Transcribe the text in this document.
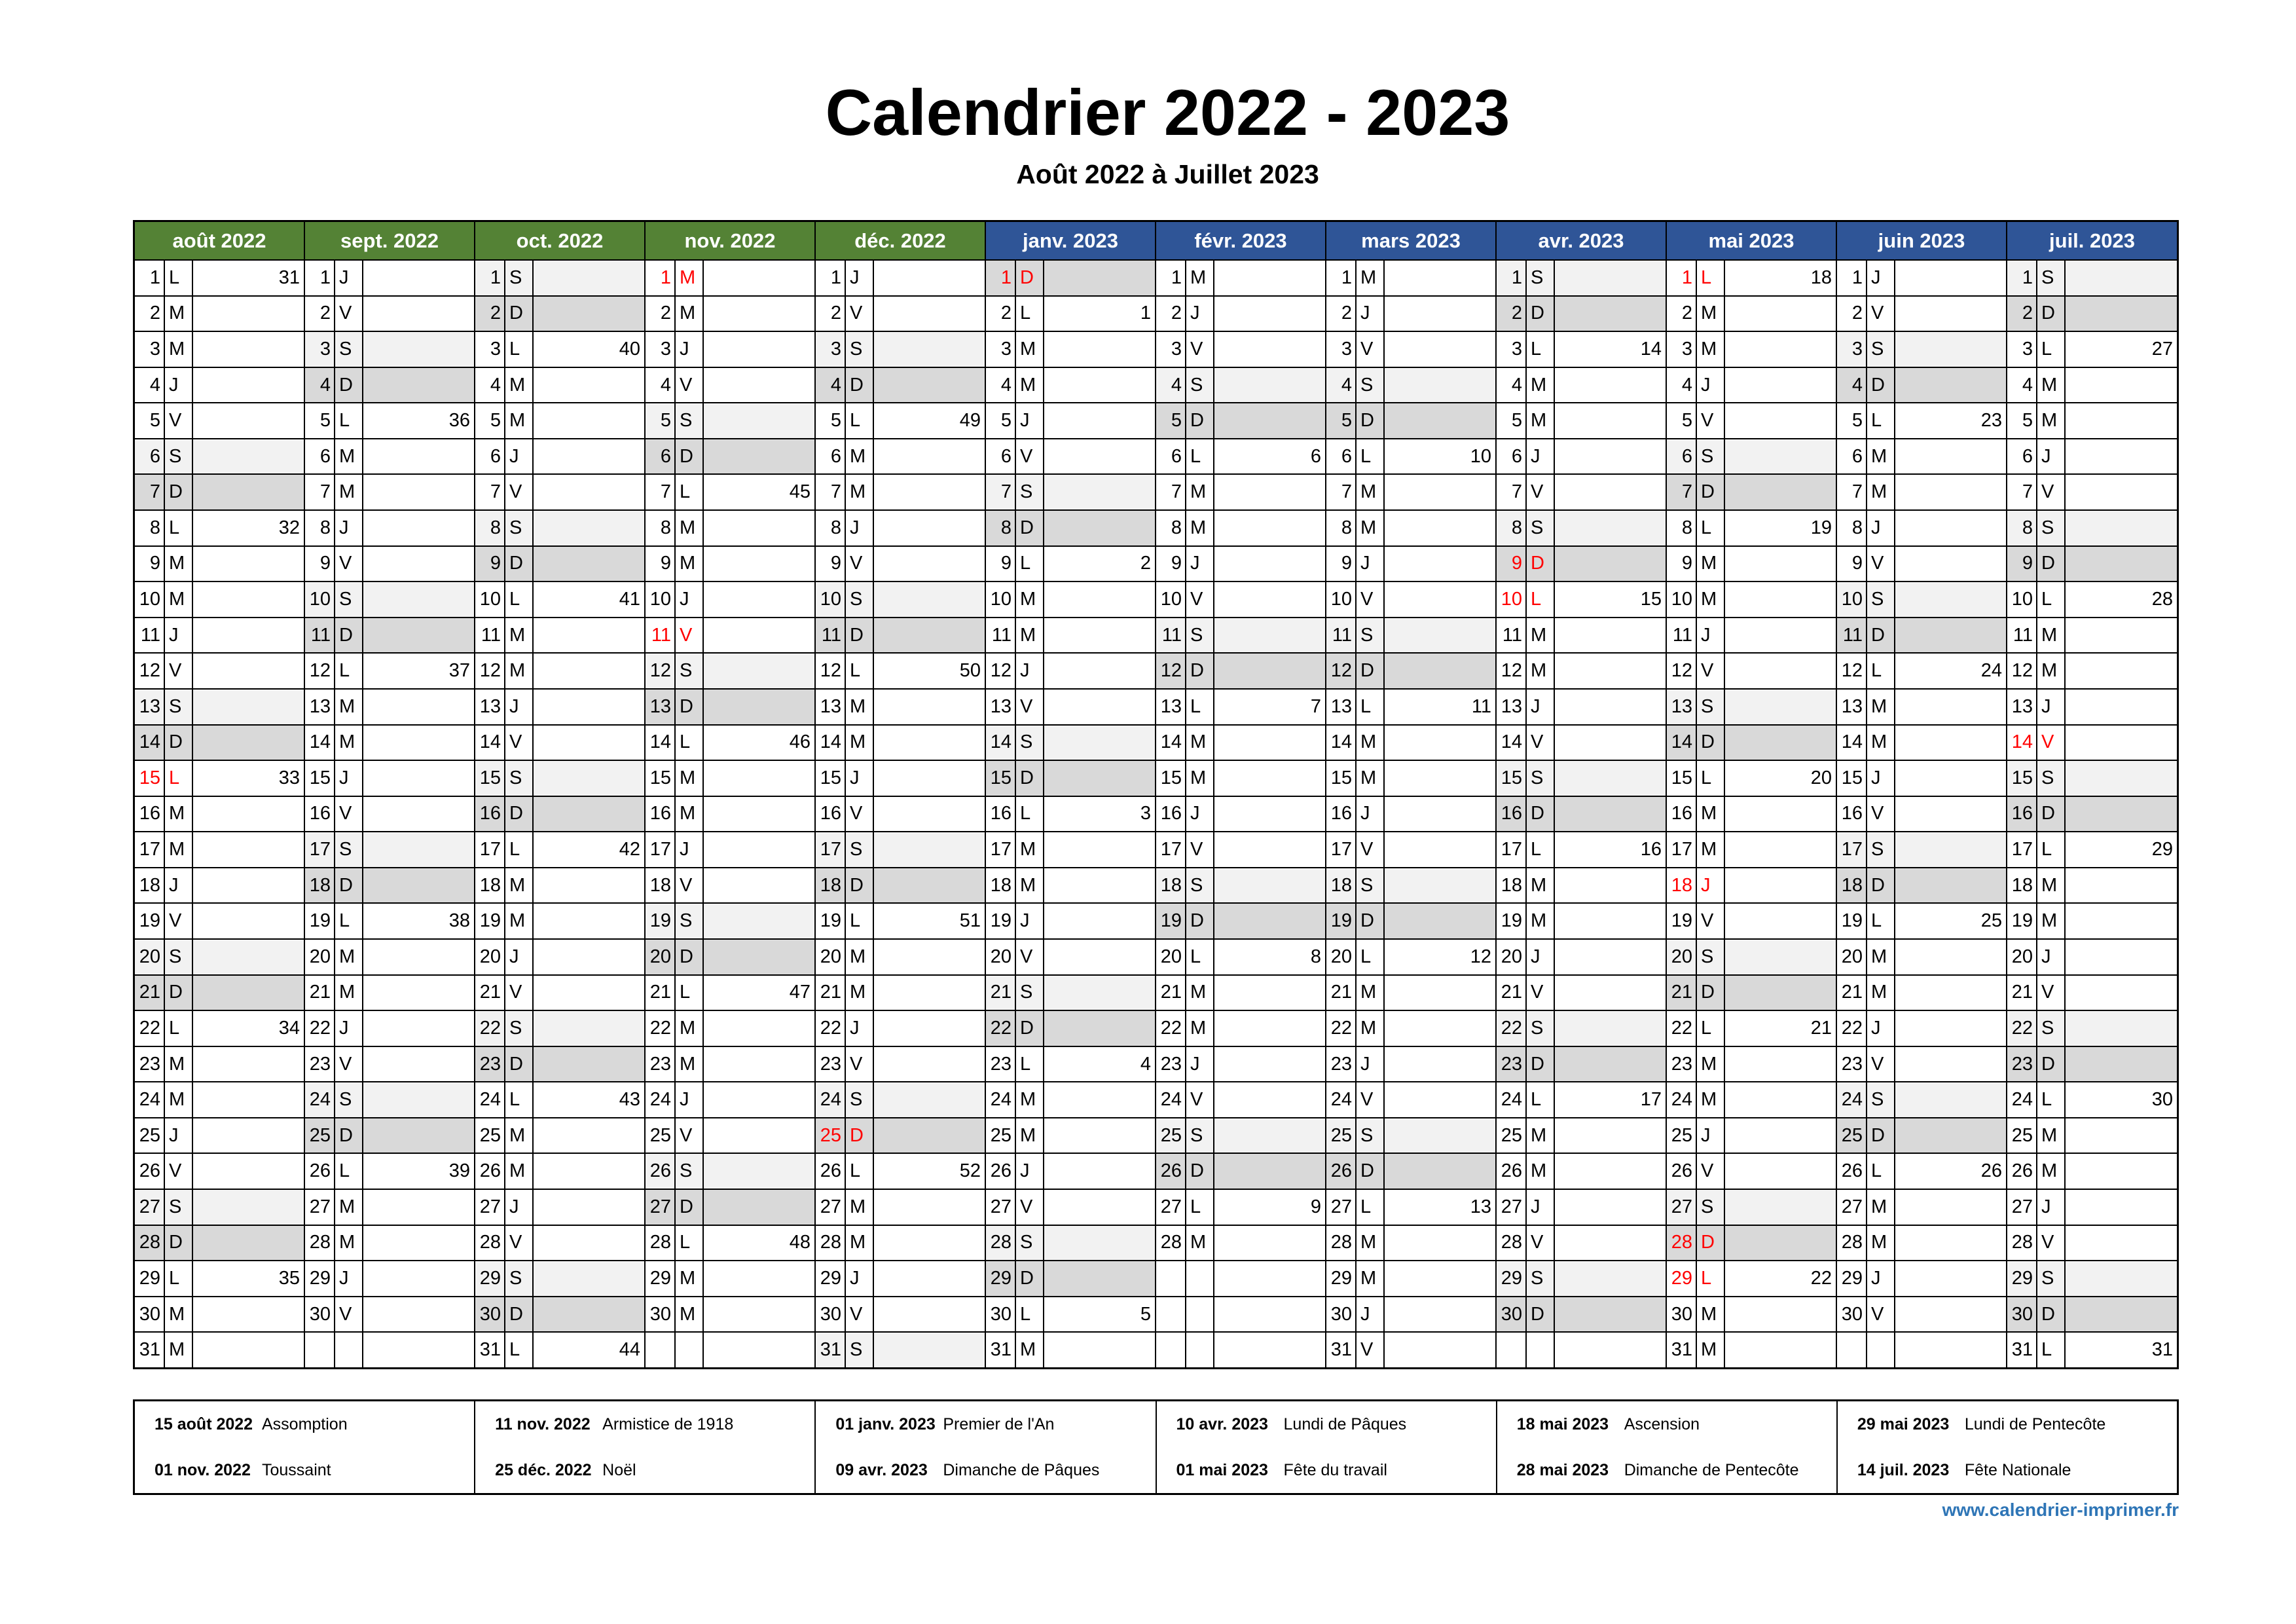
Calendrier 2022 - 2023
Août 2022 à Juillet 2023
août 2022
1 L	31
2 M
3 M
4 J
5 V
6 S
7 D
8 L	32
9 M
10 M
11 J
12 V
13 S
14 D
15 L	33
16 M
17 M
18 J
19 V
20 S
21 D
22 L	34
23 M
24 M
25 J
26 V
27 S
28 D
29 L	35
30 M
31 M
sept. 2022
1 J
2 V
3 S
4 D
5 L	36
6 M
7 M
8 J
9 V
10 S
11 D
12 L	37
13 M
14 M
15 J
16 V
17 S
18 D
19 L	38
20 M
21 M
22 J
23 V
24 S
25 D
26 L	39
27 M
28 M
29 J
30 V
oct. 2022
1 S
2 D
3 L	40
4 M
5 M
6 J
7 V
8 S
9 D
10 L	41
11 M
12 M
13 J
14 V
15 S
16 D
17 L	42
18 M
19 M
20 J
21 V
22 S
23 D
24 L	43
25 M
26 M
27 J
28 V
29 S
30 D
31 L	44
nov. 2022
1 M
2 M
3 J
4 V
5 S
6 D
7 L	45
8 M
9 M
10 J
11 V
12 S
13 D
14 L	46
15 M
16 M
17 J
18 V
19 S
20 D
21 L	47
22 M
23 M
24 J
25 V
26 S
27 D
28 L	48
29 M
30 M
déc. 2022
1 J
2 V
3 S
4 D
5 L	49
6 M
7 M
8 J
9 V
10 S
11 D
12 L	50
13 M
14 M
15 J
16 V
17 S
18 D
19 L	51
20 M
21 M
22 J
23 V
24 S
25 D
26 L	52
27 M
28 M
29 J
30 V
31 S
janv. 2023
1 D
2 L	1
3 M
4 M
5 J
6 V
7 S
8 D
9 L	2
10 M
11 M
12 J
13 V
14 S
15 D
16 L	3
17 M
18 M
19 J
20 V
21 S
22 D
23 L	4
24 M
25 M
26 J
27 V
28 S
29 D
30 L	5
31 M
févr. 2023
1 M
2 J
3 V
4 S
5 D
6 L	6
7 M
8 M
9 J
10 V
11 S
12 D
13 L	7
14 M
15 M
16 J
17 V
18 S
19 D
20 L	8
21 M
22 M
23 J
24 V
25 S
26 D
27 L	9
28 M
mars 2023
1 M
2 J
3 V
4 S
5 D
6 L	10
7 M
8 M
9 J
10 V
11 S
12 D
13 L	11
14 M
15 M
16 J
17 V
18 S
19 D
20 L	12
21 M
22 M
23 J
24 V
25 S
26 D
27 L	13
28 M
29 M
30 J
31 V
avr. 2023
1 S
2 D
3 L	14
4 M
5 M
6 J
7 V
8 S
9 D
10 L	15
11 M
12 M
13 J
14 V
15 S
16 D
17 L	16
18 M
19 M
20 J
21 V
22 S
23 D
24 L	17
25 M
26 M
27 J
28 V
29 S
30 D
mai 2023
1 L	18
2 M
3 M
4 J
5 V
6 S
7 D
8 L	19
9 M
10 M
11 J
12 V
13 S
14 D
15 L	20
16 M
17 M
18 J
19 V
20 S
21 D
22 L	21
23 M
24 M
25 J
26 V
27 S
28 D
29 L	22
30 M
31 M
juin 2023
1 J
2 V
3 S
4 D
5 L	23
6 M
7 M
8 J
9 V
10 S
11 D
12 L	24
13 M
14 M
15 J
16 V
17 S
18 D
19 L	25
20 M
21 M
22 J
23 V
24 S
25 D
26 L	26
27 M
28 M
29 J
30 V
juil. 2023
1 S
2 D
3 L	27
4 M
5 M
6 J
7 V
8 S
9 D
10 L	28
11 M
12 M
13 J
14 V
15 S
16 D
17 L	29
18 M
19 M
20 J
21 V
22 S
23 D
24 L	30
25 M
26 M
27 J
28 V
29 S
30 D
31 L	31
15 août 2022 Assomption
01 nov. 2022 Toussaint
11 nov. 2022 Armistice de 1918
25 déc. 2022 Noël
01 janv. 2023 Premier de l'An
09 avr. 2023 Dimanche de Pâques
10 avr. 2023 Lundi de Pâques
01 mai 2023 Fête du travail
18 mai 2023 Ascension
28 mai 2023 Dimanche de Pentecôte
29 mai 2023 Lundi de Pentecôte
14 juil. 2023 Fête Nationale
www.calendrier-imprimer.fr
